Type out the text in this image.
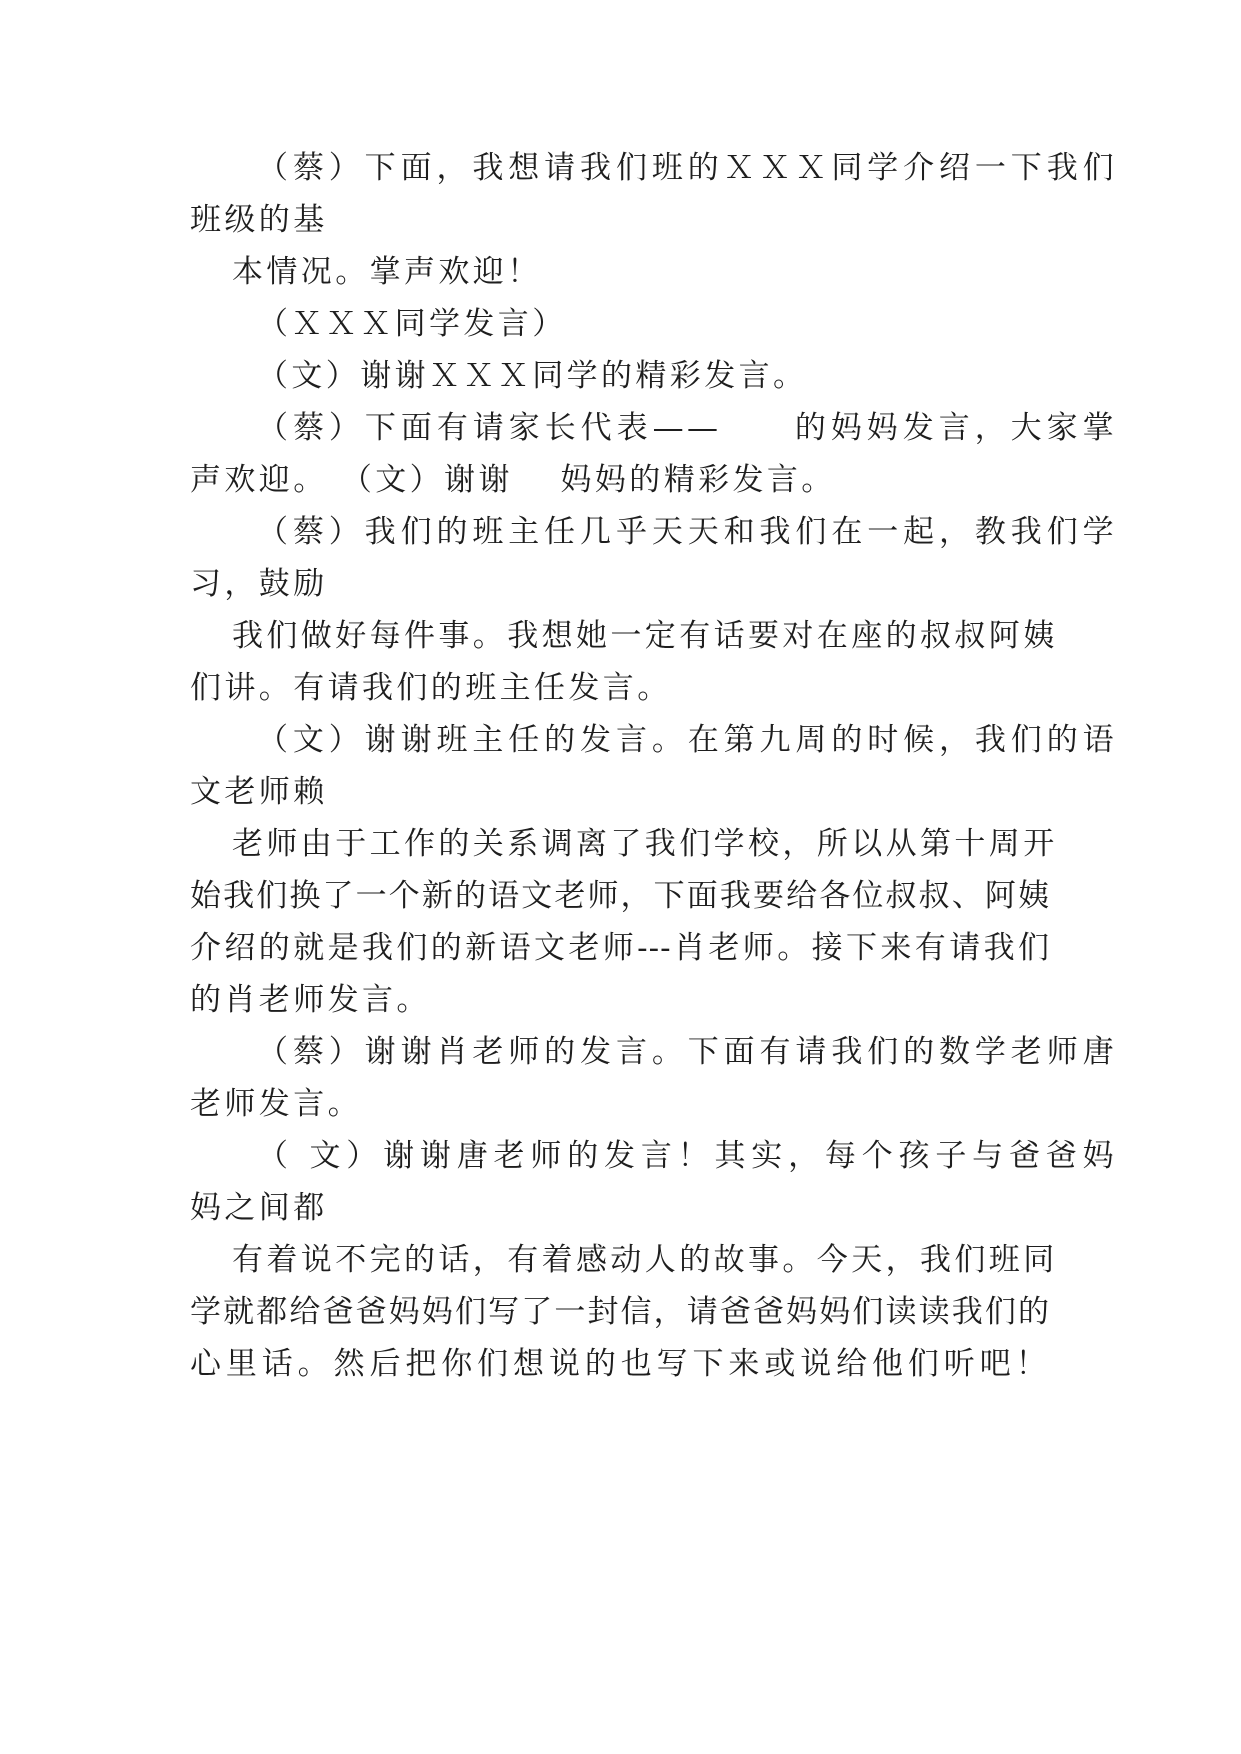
（蔡）下面，我想请我们班的ＸＸＸ同学介绍一下我们
班级的基
本情况。掌声欢迎！
（ＸＸＸ同学发言）
（文）谢谢ＸＸＸ同学的精彩发言。
（蔡）下面有请家长代表——　　的妈妈发言，大家掌
声欢迎。 （文）谢谢　 妈妈的精彩发言。
（蔡）我们的班主任几乎天天和我们在一起，教我们学
习，鼓励
我们做好每件事。我想她一定有话要对在座的叔叔阿姨
们讲。有请我们的班主任发言。
（文）谢谢班主任的发言。在第九周的时候，我们的语
文老师赖
老师由于工作的关系调离了我们学校，所以从第十周开
始我们换了一个新的语文老师，下面我要给各位叔叔、阿姨
介绍的就是我们的新语文老师---肖老师。接下来有请我们
的肖老师发言。
（蔡）谢谢肖老师的发言。下面有请我们的数学老师唐
老师发言。
（ 文）谢谢唐老师的发言！其实，每个孩子与爸爸妈
妈之间都
有着说不完的话，有着感动人的故事。今天，我们班同
学就都给爸爸妈妈们写了一封信，请爸爸妈妈们读读我们的
心里话。然后把你们想说的也写下来或说给他们听吧！
